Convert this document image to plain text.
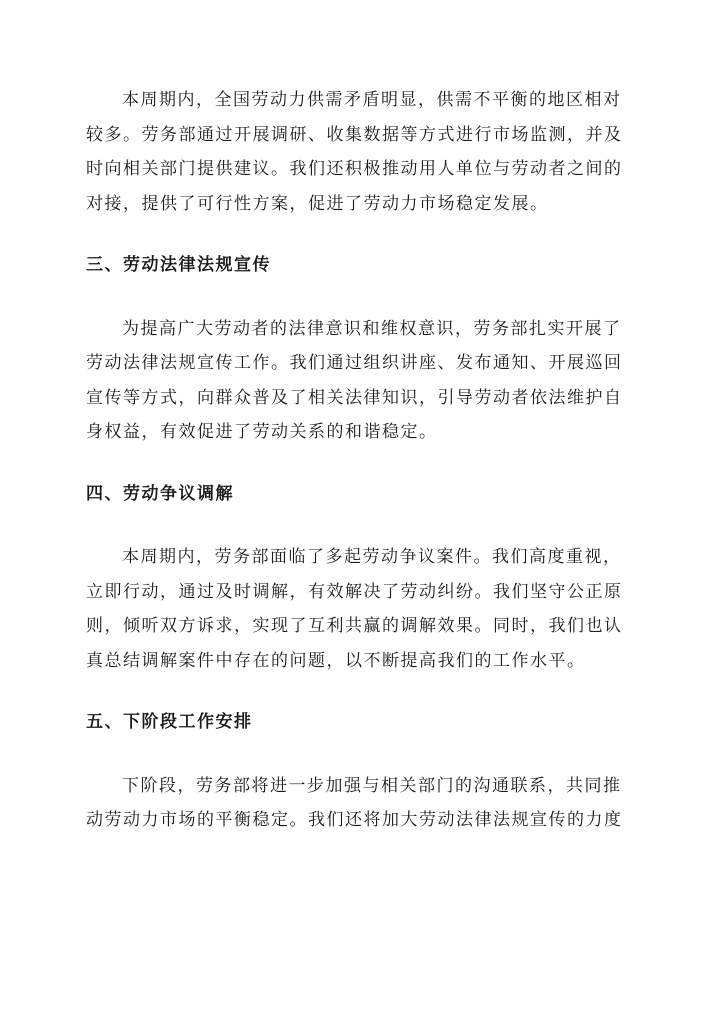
本周期内，全国劳动力供需矛盾明显，供需不平衡的地区相对
较多。劳务部通过开展调研、收集数据等方式进行市场监测，并及
时向相关部门提供建议。我们还积极推动用人单位与劳动者之间的
对接，提供了可行性方案，促进了劳动力市场稳定发展。

三、劳动法律法规宣传

为提高广大劳动者的法律意识和维权意识，劳务部扎实开展了
劳动法律法规宣传工作。我们通过组织讲座、发布通知、开展巡回
宣传等方式，向群众普及了相关法律知识，引导劳动者依法维护自
身权益，有效促进了劳动关系的和谐稳定。

四、劳动争议调解

本周期内，劳务部面临了多起劳动争议案件。我们高度重视，
立即行动，通过及时调解，有效解决了劳动纠纷。我们坚守公正原
则，倾听双方诉求，实现了互利共赢的调解效果。同时，我们也认
真总结调解案件中存在的问题，以不断提高我们的工作水平。

五、下阶段工作安排

下阶段，劳务部将进一步加强与相关部门的沟通联系，共同推
动劳动力市场的平衡稳定。我们还将加大劳动法律法规宣传的力度
